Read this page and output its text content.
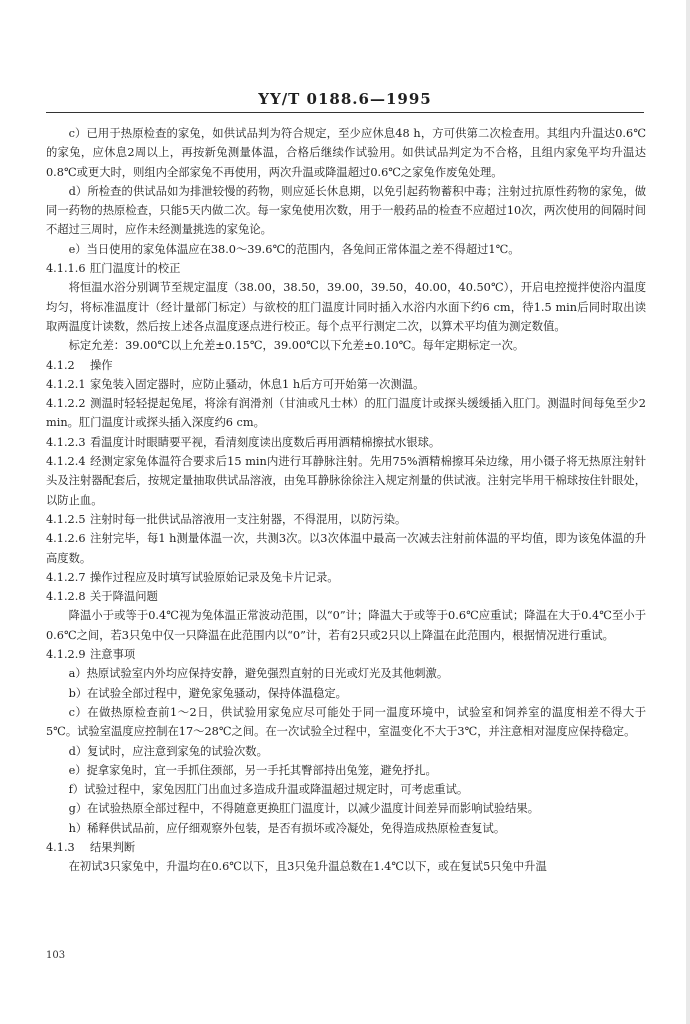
YY/T 0188.6—1995
c）已用于热原检查的家兔，如供试品判为符合规定，至少应休息48 h，方可供第二次检查用。其组内升温达0.6℃的家兔，应休息2周以上，再按新兔测量体温，合格后继续作试验用。如供试品判定为不合格，且组内家兔平均升温达0.8℃或更大时，则组内全部家兔不再使用，两次升温或降温超过0.6℃之家兔作废兔处理。
d）所检查的供试品如为排泄较慢的药物，则应延长休息期，以免引起药物蓄积中毒；注射过抗原性药物的家兔，做同一药物的热原检查，只能5天内做二次。每一家兔使用次数，用于一般药品的检查不应超过10次，两次使用的间隔时间不超过三周时，应作未经测量挑选的家兔论。
e）当日使用的家兔体温应在38.0～39.6℃的范围内，各兔间正常体温之差不得超过1℃。
4.1.1.6 肛门温度计的校正
将恒温水浴分别调节至规定温度（38.00，38.50，39.00，39.50，40.00，40.50℃），开启电控搅拌使浴内温度均匀，将标准温度计（经计量部门标定）与欲校的肛门温度计同时插入水浴内水面下约6 cm，待1.5 min后同时取出读取两温度计读数，然后按上述各点温度逐点进行校正。每个点平行测定二次，以算术平均值为测定数值。
标定允差：39.00℃以上允差±0.15℃，39.00℃以下允差±0.10℃。每年定期标定一次。
4.1.2 操作
4.1.2.1 家兔装入固定器时，应防止骚动，休息1 h后方可开始第一次测温。
4.1.2.2 测温时轻轻提起兔尾，将涂有润滑剂（甘油或凡士林）的肛门温度计或探头缓缓插入肛门。测温时间每兔至少2 min。肛门温度计或探头插入深度约6 cm。
4.1.2.3 看温度计时眼睛要平视，看清刻度读出度数后再用酒精棉擦拭水银球。
4.1.2.4 经测定家兔体温符合要求后15 min内进行耳静脉注射。先用75%酒精棉擦耳朵边缘，用小镊子将无热原注射针头及注射器配套后，按规定量抽取供试品溶液，由兔耳静脉徐徐注入规定剂量的供试液。注射完毕用干棉球按住针眼处，以防止血。
4.1.2.5 注射时每一批供试品溶液用一支注射器，不得混用，以防污染。
4.1.2.6 注射完毕，每1 h测量体温一次，共测3次。以3次体温中最高一次减去注射前体温的平均值，即为该兔体温的升高度数。
4.1.2.7 操作过程应及时填写试验原始记录及兔卡片记录。
4.1.2.8 关于降温问题
降温小于或等于0.4℃视为兔体温正常波动范围，以“0”计；降温大于或等于0.6℃应重试；降温在大于0.4℃至小于0.6℃之间，若3只兔中仅一只降温在此范围内以“0”计，若有2只或2只以上降温在此范围内，根据情况进行重试。
4.1.2.9 注意事项
a）热原试验室内外均应保持安静，避免强烈直射的日光或灯光及其他刺激。
b）在试验全部过程中，避免家兔骚动，保持体温稳定。
c）在做热原检查前1～2日，供试验用家兔应尽可能处于同一温度环境中，试验室和饲养室的温度相差不得大于5℃。试验室温度应控制在17～28℃之间。在一次试验全过程中，室温变化不大于3℃，并注意相对湿度应保持稳定。
d）复试时，应注意到家兔的试验次数。
e）捉拿家兔时，宜一手抓住颈部，另一手托其臀部持出兔笼，避免抒扎。
f）试验过程中，家兔因肛门出血过多造成升温或降温超过规定时，可考虑重试。
g）在试验热原全部过程中，不得随意更换肛门温度计，以减少温度计间差异而影响试验结果。
h）稀释供试品前，应仔细观察外包装，是否有损坏或冷凝处，免得造成热原检查复试。
4.1.3 结果判断
在初试3只家兔中，升温均在0.6℃以下，且3只兔升温总数在1.4℃以下，或在复试5只兔中升温
103
